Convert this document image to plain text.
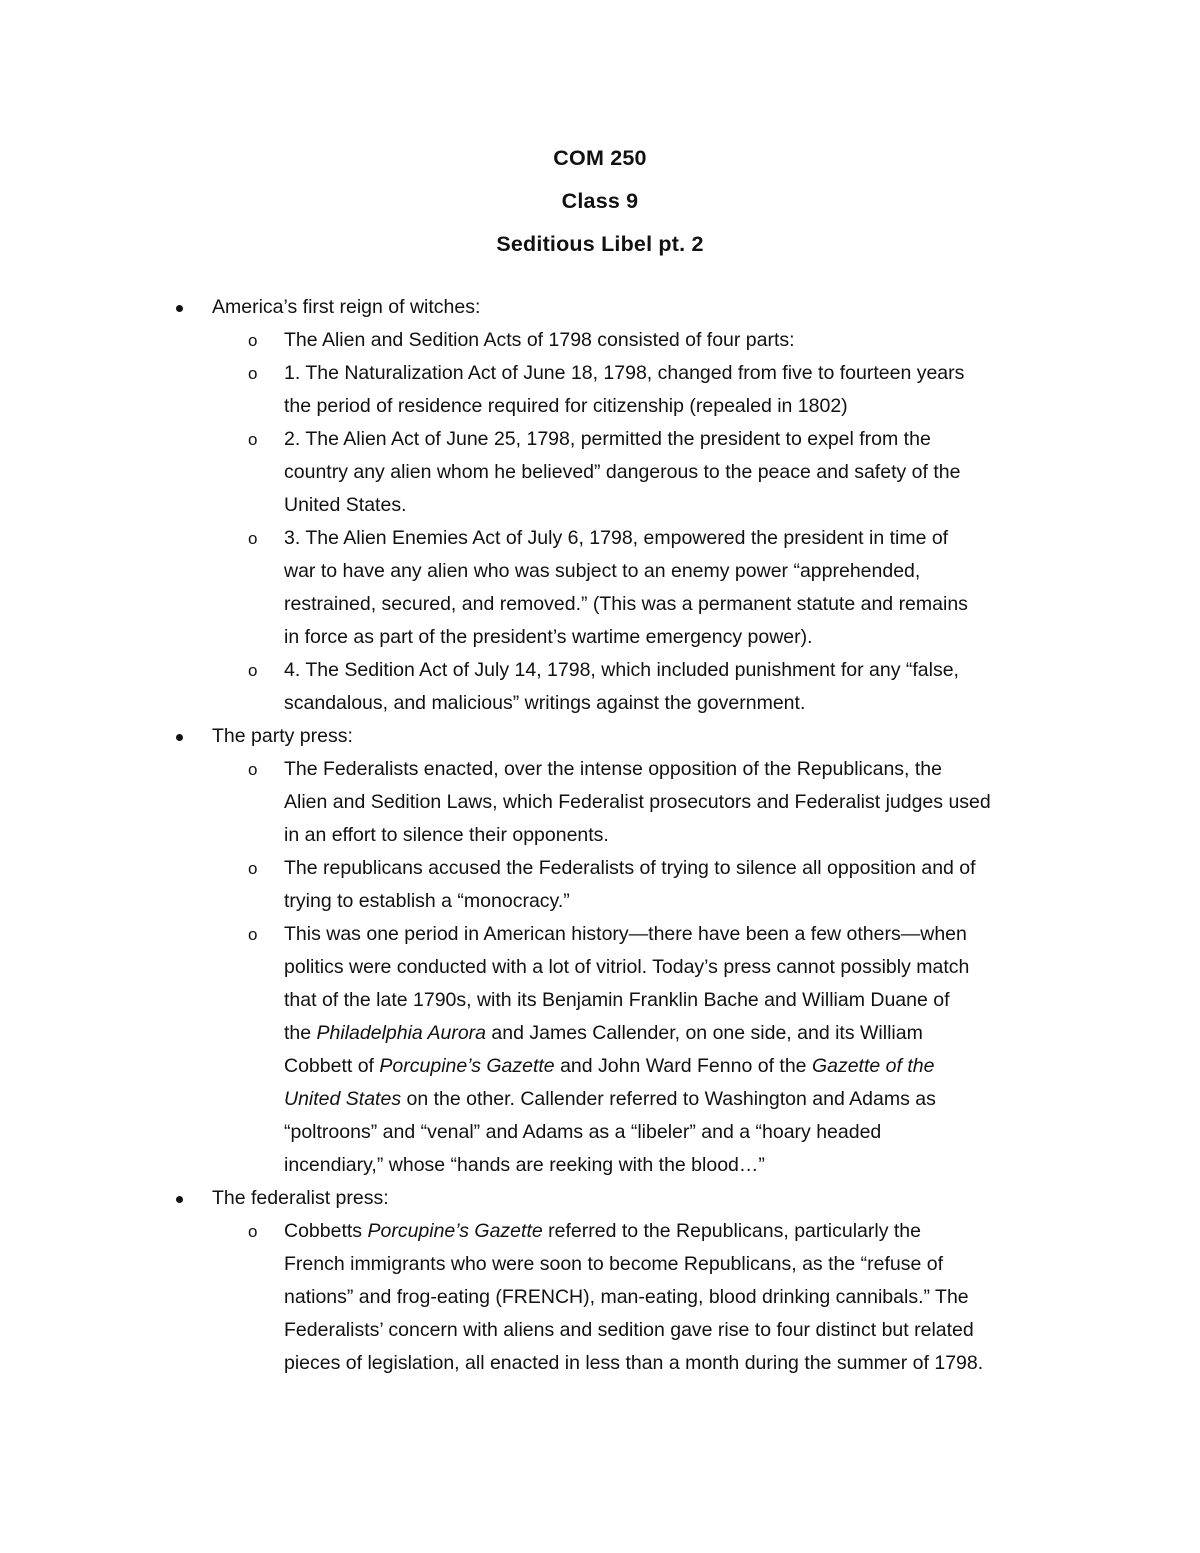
COM 250
Class 9
Seditious Libel pt. 2
America’s first reign of witches:
o The Alien and Sedition Acts of 1798 consisted of four parts:
o 1. The Naturalization Act of June 18, 1798, changed from five to fourteen years
the period of residence required for citizenship (repealed in 1802)
o 2. The Alien Act of June 25, 1798, permitted the president to expel from the
country any alien whom he believed” dangerous to the peace and safety of the
United States.
o 3. The Alien Enemies Act of July 6, 1798, empowered the president in time of
war to have any alien who was subject to an enemy power “apprehended,
restrained, secured, and removed.” (This was a permanent statute and remains
in force as part of the president’s wartime emergency power).
o 4. The Sedition Act of July 14, 1798, which included punishment for any “false,
scandalous, and malicious” writings against the government.
The party press:
o The Federalists enacted, over the intense opposition of the Republicans, the
Alien and Sedition Laws, which Federalist prosecutors and Federalist judges used
in an effort to silence their opponents.
o The republicans accused the Federalists of trying to silence all opposition and of
trying to establish a “monocracy.”
o This was one period in American history—there have been a few others—when
politics were conducted with a lot of vitriol. Today’s press cannot possibly match
that of the late 1790s, with its Benjamin Franklin Bache and William Duane of
the Philadelphia Aurora and James Callender, on one side, and its William
Cobbett of Porcupine’s Gazette and John Ward Fenno of the Gazette of the
United States on the other. Callender referred to Washington and Adams as
“poltroons” and “venal” and Adams as a “libeler” and a “hoary headed
incendiary,” whose “hands are reeking with the blood…”
The federalist press:
o Cobbetts Porcupine’s Gazette referred to the Republicans, particularly the
French immigrants who were soon to become Republicans, as the “refuse of
nations” and frog-eating (FRENCH), man-eating, blood drinking cannibals.” The
Federalists’ concern with aliens and sedition gave rise to four distinct but related
pieces of legislation, all enacted in less than a month during the summer of 1798.
